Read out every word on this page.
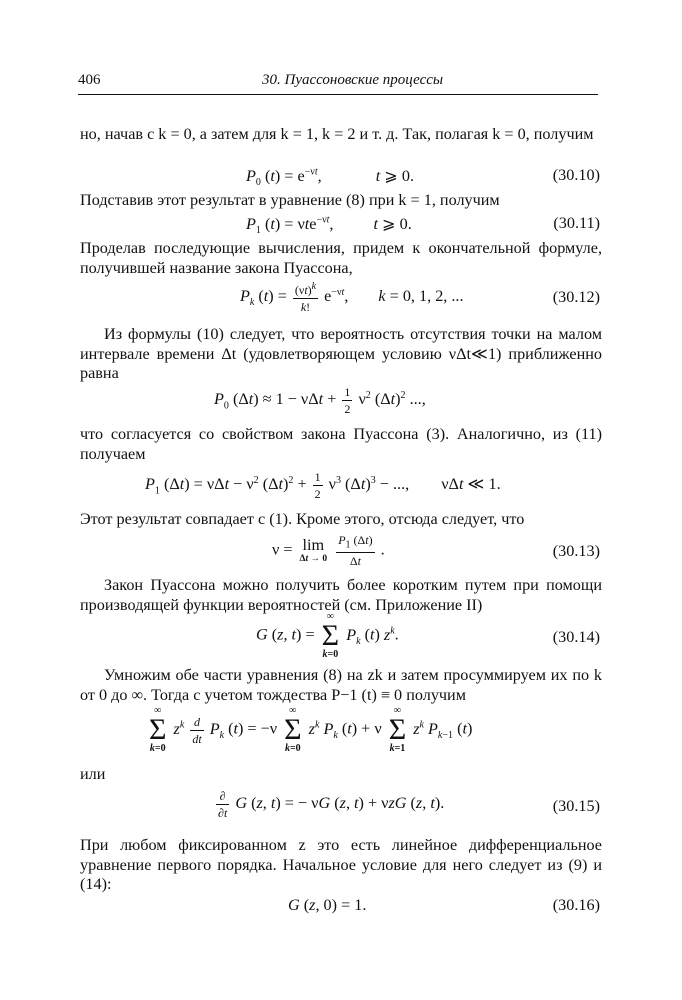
406	30. Пуассоновские процессы
но, начав с k = 0, а затем для k = 1, k = 2 и т. д. Так, полагая k = 0, получим
$P_0$ $(t) = e^{-\nu t}$,	t ⩾ 0.	(30.10)
Подставив этот результат в уравнение (8) при k = 1, получим
$P_1$ (t) = νte$^{-\nu t}$, t ⩾ 0.	(30.11)
Проделав последующие вычисления, придем к окончательной формуле, получившей название закона Пуассона,
$P_k$ $(t) = \frac{(\nu t)^k}{k!} e^{-\nu t}$, k = 0, 1, 2, ...	(30.12)
Из формулы (10) следует, что вероятность отсутствия точки на малом интервале времени Δt (удовлетворяющем условию νΔt≪1) приближенно равна
$P_0$ $(\Delta t) \approx 1 - \nu\Delta t + \frac{1}{2} \nu^2$ $(\Delta t)^2$ ...,
что согласуется со свойством закона Пуассона (3). Аналогично, из (11) получаем
$P_1$ $(\Delta t) = \nu\Delta t - \nu^2$ $(\Delta t)^2 + \frac{1}{2} \nu^3$ $(\Delta t)^3$ − ..., νΔt ≪ 1.
Этот результат совпадает с (1). Кроме этого, отсюда следует, что
ν = lim
Δt → 0
$\frac{P_1 (\Delta t)}{\Delta t}$ .	(30.13)
Закон Пуассона можно получить более коротким путем при помощи производящей функции вероятностей (см. Приложение II)
G (z, t) =
∞
Σ
k=0
$P_k$ (t) $z^k$.	(30.14)
Умножим обе части уравнения (8) на zk и затем просуммируем их по k от 0 до ∞. Тогда с учетом тождества P−1 (t) ≡ 0 получим
∞
Σ
k=0
$z^k \frac{d}{dt} P_k$ (t) = −ν
∞
Σ
k=0
$z^k$ $P_k$ (t) + ν
∞
Σ
k=1
$z^k$ $P_{k-1}$ (t)
или
$\frac{\partial}{\partial t}$ G (z, t) = − νG (z, t) + νzG (z, t).	(30.15)
При любом фиксированном z это есть линейное дифференциальное уравнение первого порядка. Начальное условие для него следует из (9) и (14):
G (z, 0) = 1.	(30.16)
